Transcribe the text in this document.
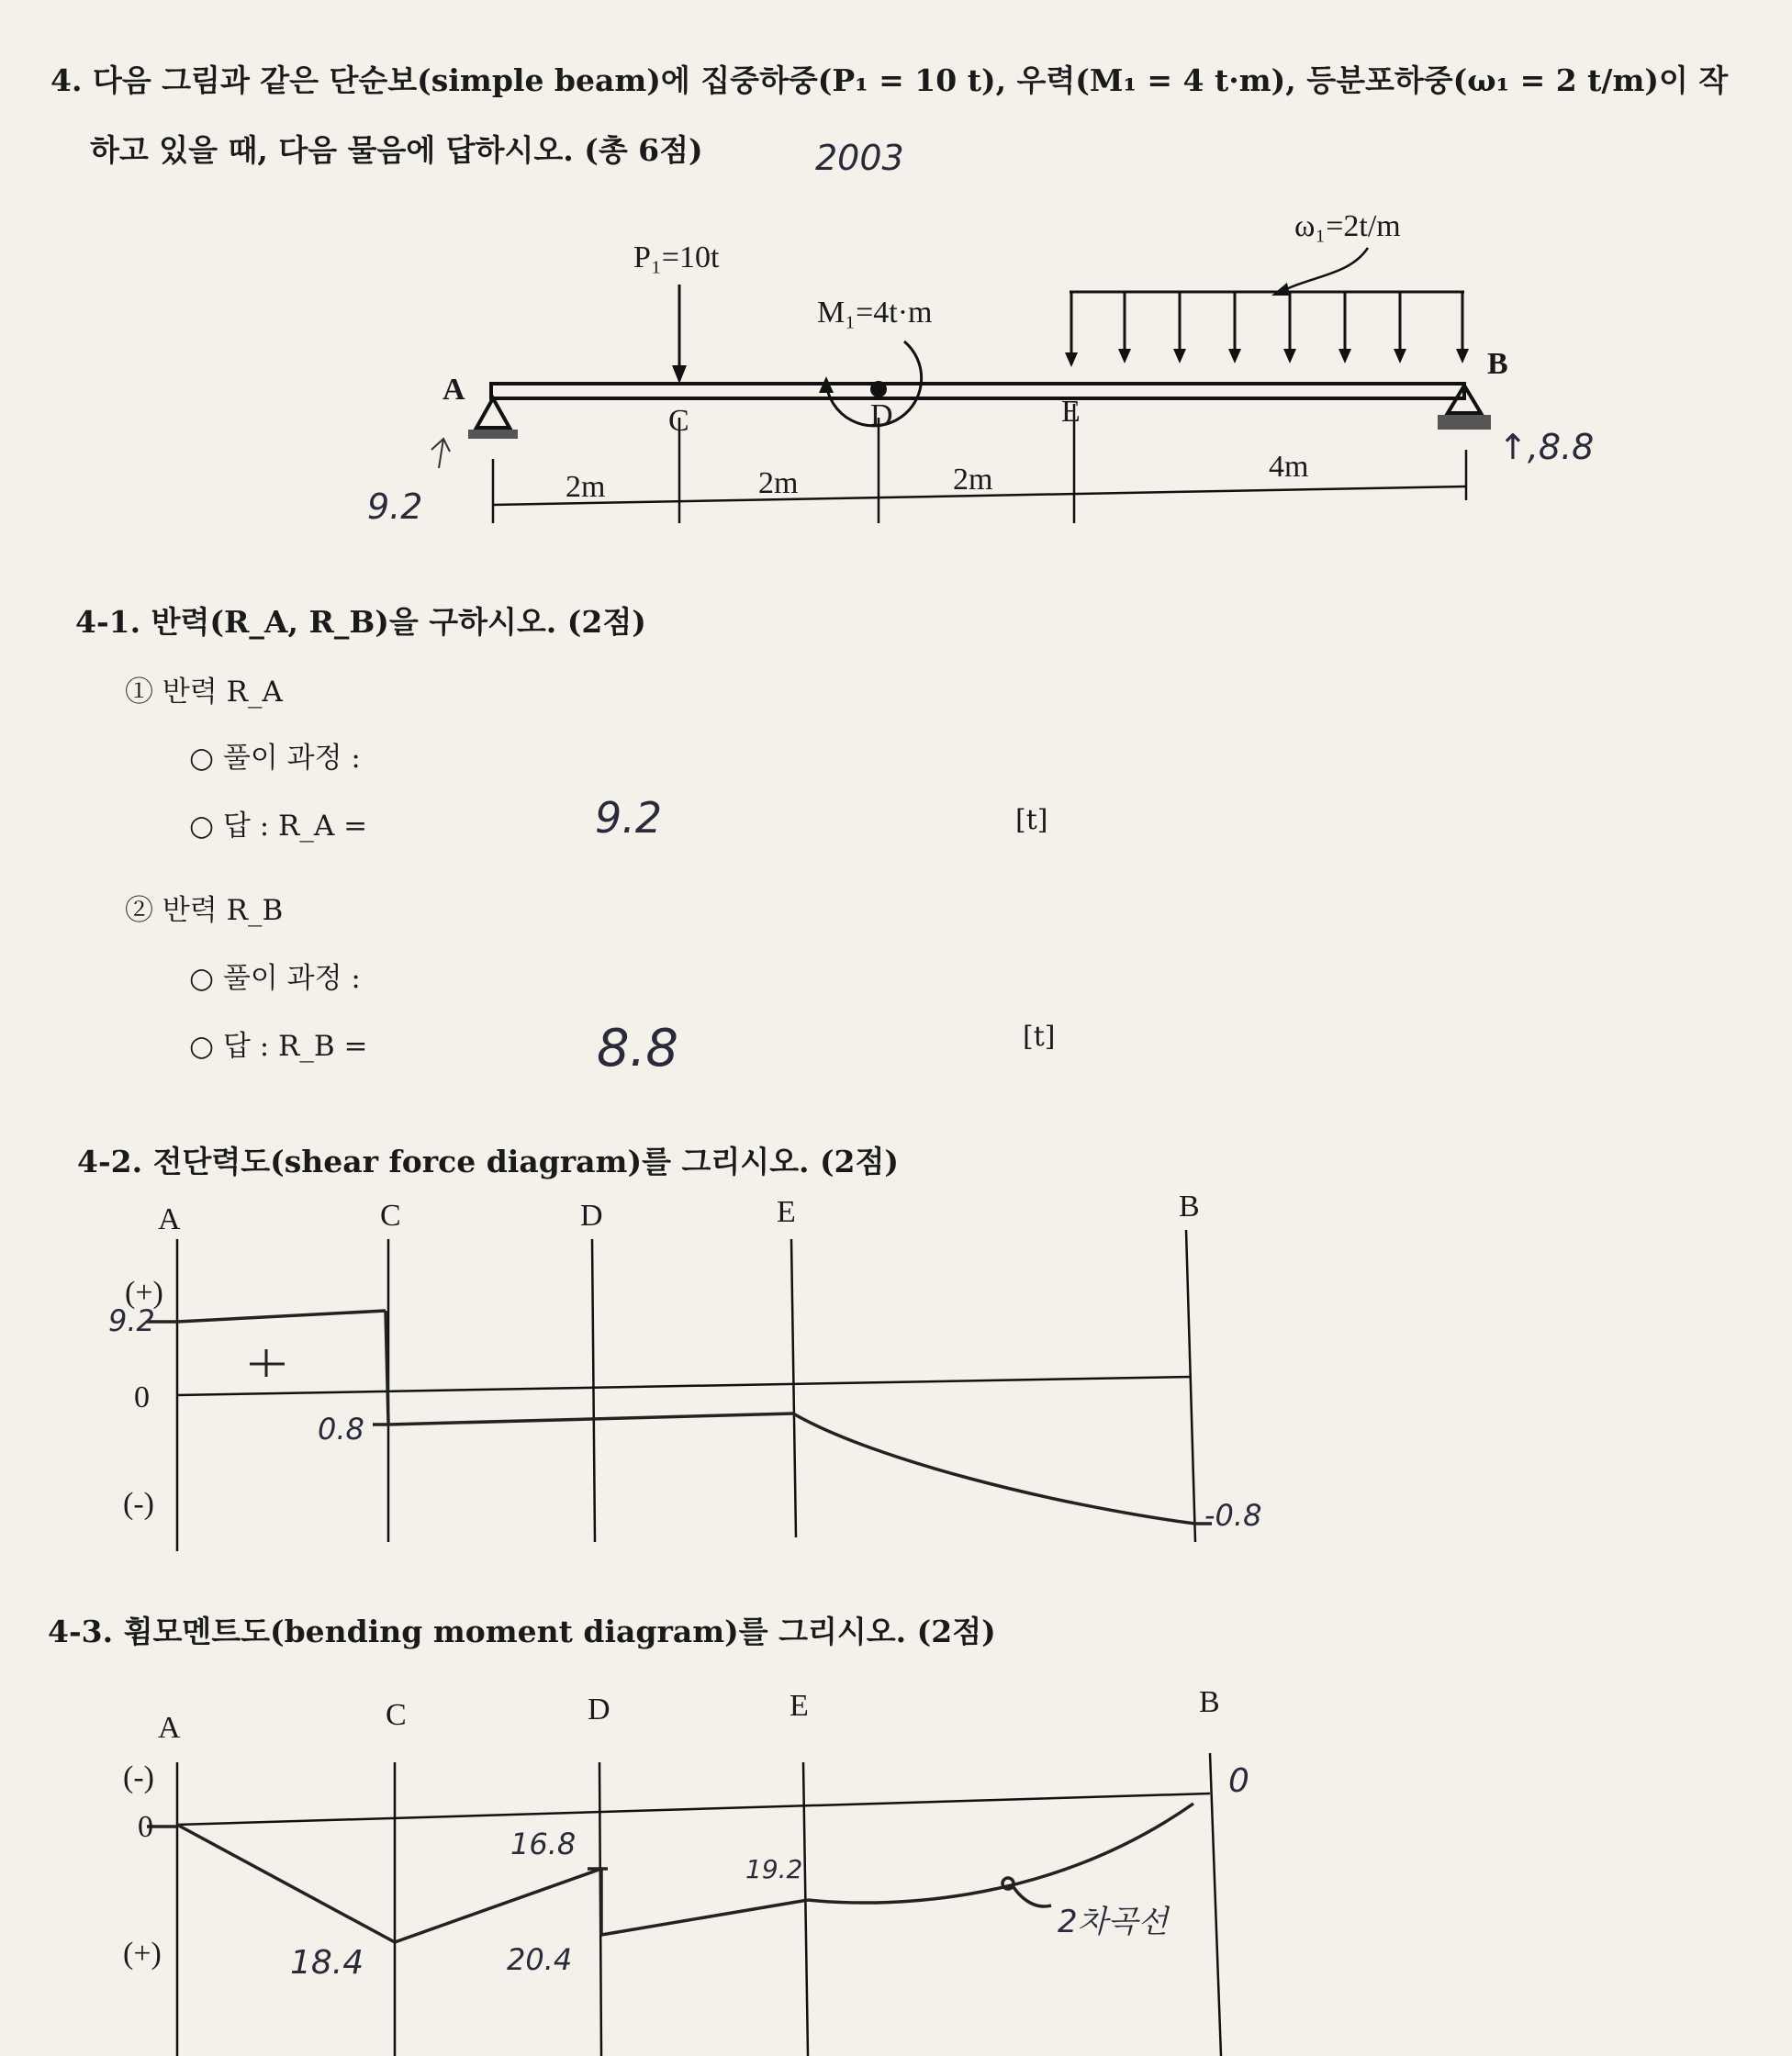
4. 다음 그림과 같은 단순보(simple beam)에 집중하중(P₁ = 10 t), 우력(M₁ = 4 t·m), 등분포하중(ω₁ = 2 t/m)이 작
하고 있을 때, 다음 물음에 답하시오. (총 6점)	2003
P₁=10t
M₁=4t·m
ω₁=2t/m
A
B
C	D	E
2m	2m	2m	4m
9.2
↑,8.8
4-1. 반력(R_A, R_B)을 구하시오. (2점)
① 반력 R_A
○ 풀이 과정 :
○ 답 : R_A =	9.2	[t]
② 반력 R_B
○ 풀이 과정 :
○ 답 : R_B =	8.8	[t]
4-2. 전단력도(shear force diagram)를 그리시오. (2점)
A	C	D	E	B
(+)
0
(-)
9.2
0.8
-0.8
4-3. 휨모멘트도(bending moment diagram)를 그리시오. (2점)
A	C	D	E	B
(-)
0
(+)	18.4
16.8
20.4
19.2
2차곡선
0
